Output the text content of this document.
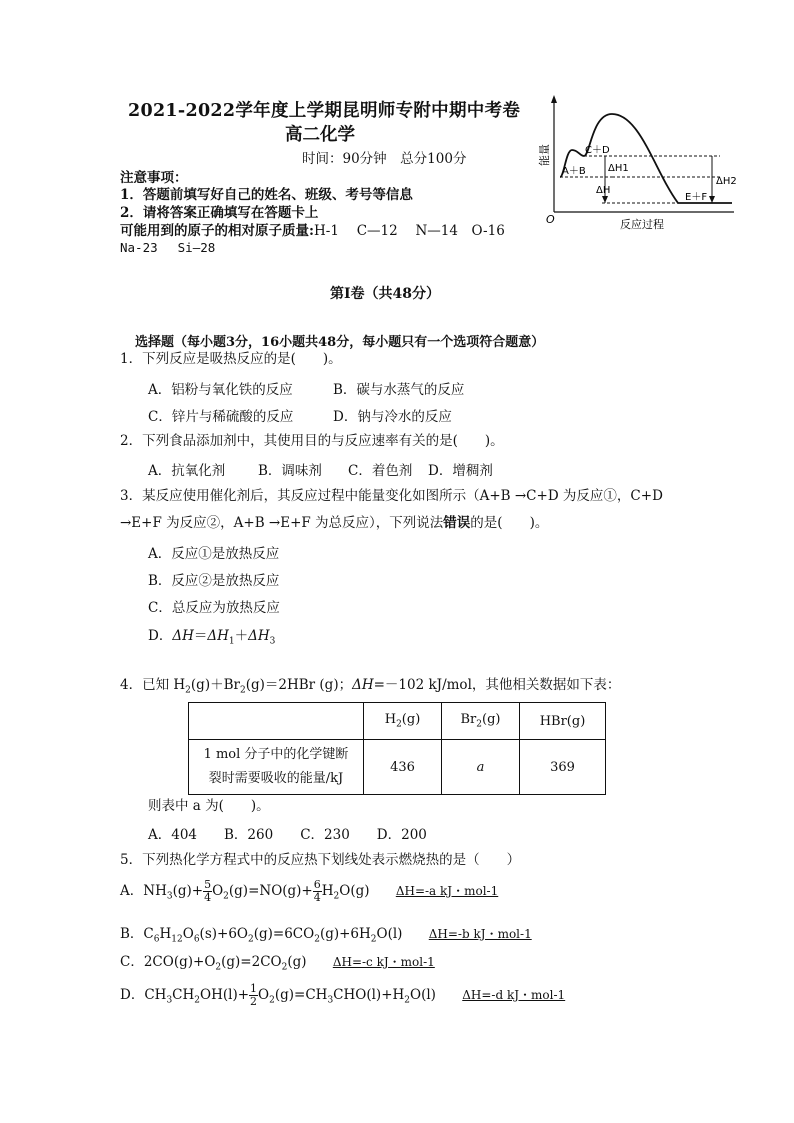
2021-2022学年度上学期昆明师专附中期中考卷
高二化学
时间：90分钟　总分100分
注意事项：
1．答题前填写好自己的姓名、班级、考号等信息
2．请将答案正确填写在答题卡上
可能用到的原子的相对原子质量:H-1　 C—12　 N—14　O-16
Na-23　 Si—28
能量
O	反应过程
C＋D
A＋B
E＋F
ΔH1
ΔH2
ΔH
第Ⅰ卷（共48分）
选择题（每小题3分，16小题共48分，每小题只有一个选项符合题意）
1．下列反应是吸热反应的是(　　)。
A．铝粉与氧化铁的反应	B．碳与水蒸气的反应
C．锌片与稀硫酸的反应	D．钠与冷水的反应
2．下列食品添加剂中，其使用目的与反应速率有关的是(　　)。
A．抗氧化剂 B．调味剂 C．着色剂 D．增稠剂
3．某反应使用催化剂后，其反应过程中能量变化如图所示（A+B →C+D 为反应①，C+D
→E+F 为反应②，A+B →E+F 为总反应），下列说法错误的是(　　)。
A．反应①是放热反应
B．反应②是放热反应
C．总反应为放热反应
D．$\Delta H=\Delta H_1+\Delta H_3$
4．已知 $H_2(g)+Br_2(g)=2HBr$ (g)；ΔH=－102 kJ/mol，其他相关数据如下表：
	$H_2(g)$	$Br_2(g)$	HBr(g)

1 mol 分子中的化学键断
裂时需要吸收的能量/kJ	436	a	369
则表中 a 为(　　)。
A．404　　B．260　　C．230　　D．200
5．下列热化学方程式中的反应热下划线处表示燃烧热的是（　　）
A．$NH_3(g)+ \frac{5}{4} O_2(g)=NO(g)+ \frac{6}{4} H_2O(g)$ ΔH=-a kJ・mol-1
B．$C_6H_{12}O_6(s)+6O_2(g)=6CO_2(g)+6H_2O(l)$ ΔH=-b kJ・mol-1
C．$2CO(g)+O_2(g)=2CO_2(g)$ ΔH=-c kJ・mol-1
D．$CH_3CH_2OH(l)+ \frac{1}{2} O_2(g)=CH_3CHO(l)+H_2O(l)$ ΔH=-d kJ・mol-1
